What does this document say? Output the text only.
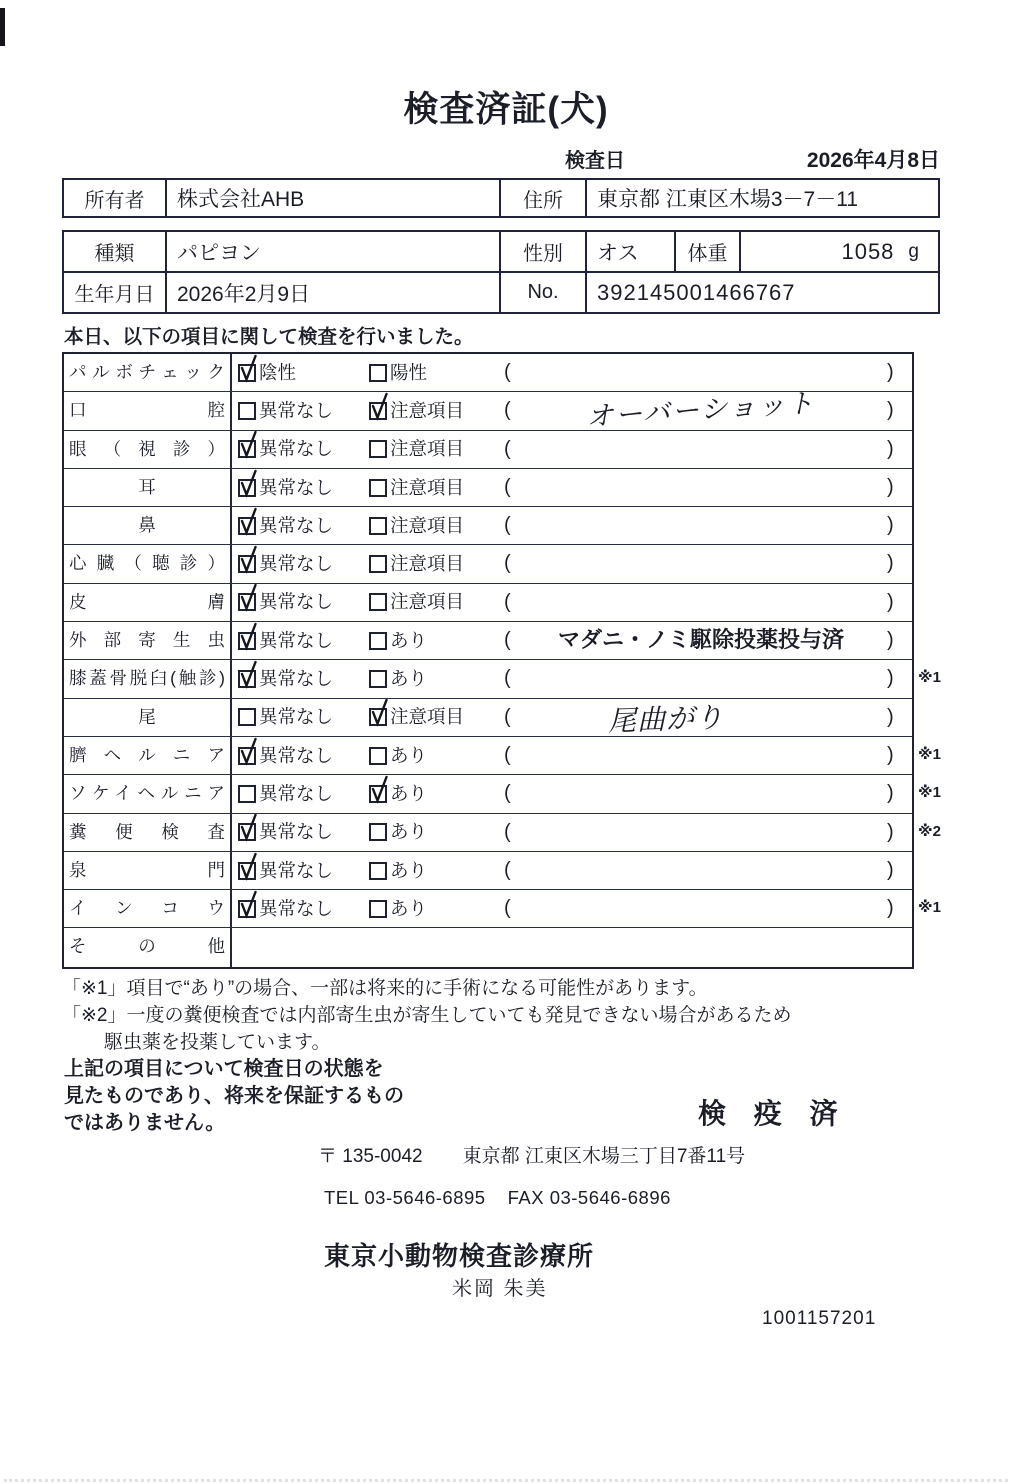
検査済証(犬)
検査日	2026年4月8日
所有者	株式会社AHB	住所	東京都 江東区木場3－7－11
種類	パピヨン	性別	オス	体重	1058 g
生年月日	2026年2月9日	No.	392145001466767
本日、以下の項目に関して検査を行いました。
パルボチェック	陰性	陽性	(	)
口腔	異常なし	注意項目 (	オーバーショット	)
眼 （ 視 診 ）	異常なし	注意項目 (	)
耳	異常なし	注意項目 (	)
鼻	異常なし	注意項目 (	)
心 臓 （ 聴 診 ）	異常なし	注意項目 (	)
皮膚	異常なし	注意項目 (	)
外部寄生虫	異常なし	あり	(	マダニ・ノミ駆除投薬投与済	)
膝蓋骨脱臼(触診)	異常なし	あり	(	) ※1
尾	異常なし	注意項目 (	尾曲がり	)
臍ヘルニア	異常なし	あり	(	) ※1
ソケイヘルニア	異常なし	あり	(	) ※1
糞便検査	異常なし	あり	(	) ※2
泉門	異常なし	あり	(	)
インコウ	異常なし	あり	(	) ※1
その他
「※1」項目で“あり”の場合、一部は将来的に手術になる可能性があります。
「※2」一度の糞便検査では内部寄生虫が寄生していても発見できない場合があるため
駆虫薬を投薬しています。
上記の項目について検査日の状態を
見たものであり、将来を保証するもの
ではありません。	検 疫 済
〒 135-0042 東京都 江東区木場三丁目7番11号
TEL 03-5646-6895 FAX 03-5646-6896
東京小動物検査診療所
米岡 朱美
1001157201
